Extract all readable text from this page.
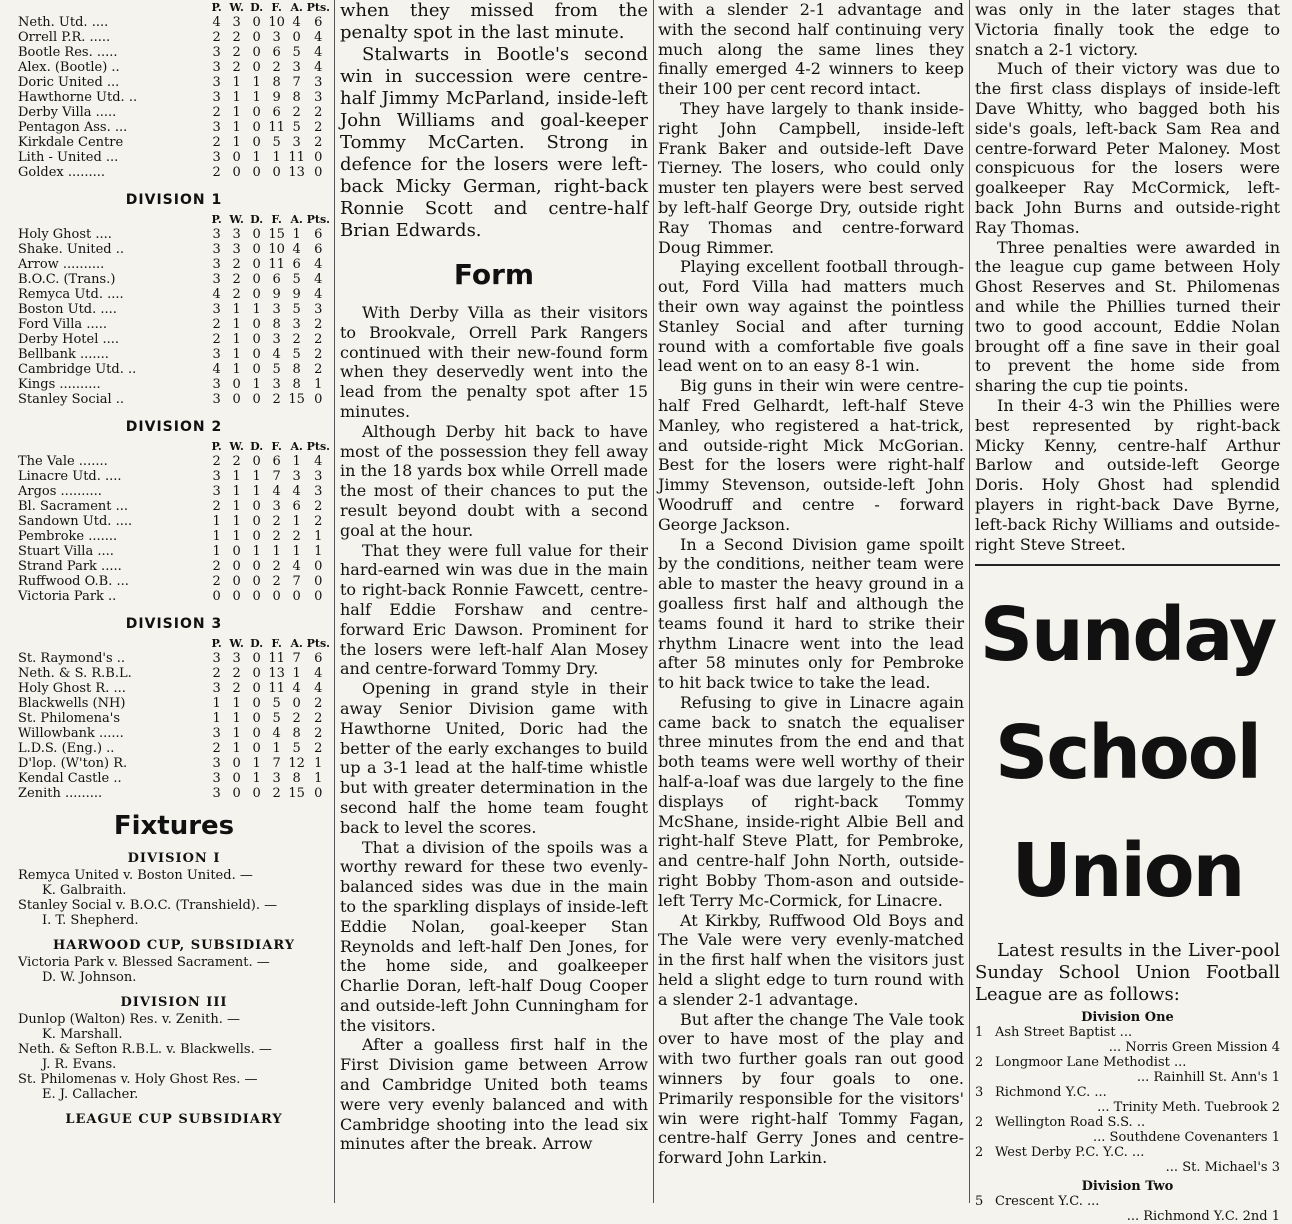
	P.	W.	D.	F.	A.	Pts.
Neth. Utd. ....	4	3	0	10	4	6
Orrell P.R. .....	2	2	0	3	0	4
Bootle Res. .....	3	2	0	6	5	4
Alex. (Bootle) ..	3	2	0	2	3	4
Doric United ...	3	1	1	8	7	3
Hawthorne Utd. ..	3	1	1	9	8	3
Derby Villa .....	2	1	0	6	2	2
Pentagon Ass. ...	3	1	0	11	5	2
Kirkdale Centre	2	1	0	5	3	2
Lith - United ...	3	0	1	1	11	0
Goldex .........	2	0	0	0	13	0
DIVISION 1
	P.	W.	D.	F.	A.	Pts.
Holy Ghost ....	3	3	0	15	1	6
Shake. United ..	3	3	0	10	4	6
Arrow ..........	3	2	0	11	6	4
B.O.C. (Trans.)	3	2	0	6	5	4
Remyca Utd. ....	4	2	0	9	9	4
Boston Utd. ....	3	1	1	3	5	3
Ford Villa .....	2	1	0	8	3	2
Derby Hotel ....	2	1	0	3	2	2
Bellbank .......	3	1	0	4	5	2
Cambridge Utd. ..	4	1	0	5	8	2
Kings ..........	3	0	1	3	8	1
Stanley Social ..	3	0	0	2	15	0
DIVISION 2
	P.	W.	D.	F.	A.	Pts.
The Vale .......	2	2	0	6	1	4
Linacre Utd. ....	3	1	1	7	3	3
Argos ..........	3	1	1	4	4	3
Bl. Sacrament ...	2	1	0	3	6	2
Sandown Utd. ....	1	1	0	2	1	2
Pembroke .......	1	1	0	2	2	1
Stuart Villa ....	1	0	1	1	1	1
Strand Park .....	2	0	0	2	4	0
Ruffwood O.B. ...	2	0	0	2	7	0
Victoria Park ..	0	0	0	0	0	0
DIVISION 3
	P.	W.	D.	F.	A.	Pts.
St. Raymond's ..	3	3	0	11	7	6
Neth. & S. R.B.L.	2	2	0	13	1	4
Holy Ghost R. ...	3	2	0	11	4	4
Blackwells (NH)	1	1	0	5	0	2
St. Philomena's	1	1	0	5	2	2
Willowbank ......	3	1	0	4	8	2
L.D.S. (Eng.) ..	2	1	0	1	5	2
D'lop. (W'ton) R.	3	0	1	7	12	1
Kendal Castle ..	3	0	1	3	8	1
Zenith .........	3	0	0	2	15	0
Fixtures
DIVISION I
Remyca United v. Boston United. —
K. Galbraith.
Stanley Social v. B.O.C. (Transhield). —
I. T. Shepherd.
HARWOOD CUP, SUBSIDIARY
Victoria Park v. Blessed Sacrament. —
D. W. Johnson.
DIVISION III
Dunlop (Walton) Res. v. Zenith. —
K. Marshall.
Neth. & Sefton R.B.L. v. Blackwells. —
J. R. Evans.
St. Philomenas v. Holy Ghost Res. —
E. J. Callacher.
LEAGUE CUP SUBSIDIARY

when they missed from the penalty spot in the last minute.

Stalwarts in Bootle's second win in succession were centre-half Jimmy McParland, inside-left John Williams and goal-keeper Tommy McCarten. Strong in defence for the losers were left-back Micky German, right-back Ronnie Scott and centre-half Brian Edwards.

Form

With Derby Villa as their visitors to Brookvale, Orrell Park Rangers continued with their new-found form when they deservedly went into the lead from the penalty spot after 15 minutes.

Although Derby hit back to have most of the possession they fell away in the 18 yards box while Orrell made the most of their chances to put the result beyond doubt with a second goal at the hour.

That they were full value for their hard-earned win was due in the main to right-back Ronnie Fawcett, centre-half Eddie Forshaw and centre-forward Eric Dawson. Prominent for the losers were left-half Alan Mosey and centre-forward Tommy Dry.

Opening in grand style in their away Senior Division game with Hawthorne United, Doric had the better of the early exchanges to build up a 3-1 lead at the half-time whistle but with greater determination in the second half the home team fought back to level the scores.

That a division of the spoils was a worthy reward for these two evenly-balanced sides was due in the main to the sparkling displays of inside-left Eddie Nolan, goal-keeper Stan Reynolds and left-half Den Jones, for the home side, and goalkeeper Charlie Doran, left-half Doug Cooper and outside-left John Cunningham for the visitors.

After a goalless first half in the First Division game between Arrow and Cambridge United both teams were very evenly balanced and with Cambridge shooting into the lead six minutes after the break. Arrow

with a slender 2-1 advantage and with the second half continuing very much along the same lines they finally emerged 4-2 winners to keep their 100 per cent record intact.

They have largely to thank inside-right John Campbell, inside-left Frank Baker and outside-left Dave Tierney. The losers, who could only muster ten players were best served by left-half George Dry, outside right Ray Thomas and centre-forward Doug Rimmer.

Playing excellent football through-out, Ford Villa had matters much their own way against the pointless Stanley Social and after turning round with a comfortable five goals lead went on to an easy 8-1 win.

Big guns in their win were centre-half Fred Gelhardt, left-half Steve Manley, who registered a hat-trick, and outside-right Mick McGorian. Best for the losers were right-half Jimmy Stevenson, outside-left John Woodruff and centre - forward George Jackson.

In a Second Division game spoilt by the conditions, neither team were able to master the heavy ground in a goalless first half and although the teams found it hard to strike their rhythm Linacre went into the lead after 58 minutes only for Pembroke to hit back twice to take the lead.

Refusing to give in Linacre again came back to snatch the equaliser three minutes from the end and that both teams were well worthy of their half-a-loaf was due largely to the fine displays of right-back Tommy McShane, inside-right Albie Bell and right-half Steve Platt, for Pembroke, and centre-half John North, outside-right Bobby Thom-ason and outside-left Terry Mc-Cormick, for Linacre.

At Kirkby, Ruffwood Old Boys and The Vale were very evenly-matched in the first half when the visitors just held a slight edge to turn round with a slender 2-1 advantage.

But after the change The Vale took over to have most of the play and with two further goals ran out good winners by four goals to one. Primarily responsible for the visitors' win were right-half Tommy Fagan, centre-half Gerry Jones and centre-forward John Larkin.

was only in the later stages that Victoria finally took the edge to snatch a 2-1 victory.

Much of their victory was due to the first class displays of inside-left Dave Whitty, who bagged both his side's goals, left-back Sam Rea and centre-forward Peter Maloney. Most conspicuous for the losers were goalkeeper Ray McCormick, left-back John Burns and outside-right Ray Thomas.

Three penalties were awarded in the league cup game between Holy Ghost Reserves and St. Philomenas and while the Phillies turned their two to good account, Eddie Nolan brought off a fine save in their goal to prevent the home side from sharing the cup tie points.

In their 4-3 win the Phillies were best represented by right-back Micky Kenny, centre-half Arthur Barlow and outside-left George Doris. Holy Ghost had splendid players in right-back Dave Byrne, left-back Richy Williams and outside-right Steve Street.

Sunday
School
Union

Latest results in the Liver-pool Sunday School Union Football League are as follows:

Division One
1 Ash Street Baptist ...
... Norris Green Mission 4
2 Longmoor Lane Methodist ...
... Rainhill St. Ann's 1
3 Richmond Y.C. ...
... Trinity Meth. Tuebrook 2
2 Wellington Road S.S. ..
... Southdene Covenanters 1
2 West Derby P.C. Y.C. ...
... St. Michael's 3
Division Two
5 Crescent Y.C. ...
... Richmond Y.C. 2nd 1
